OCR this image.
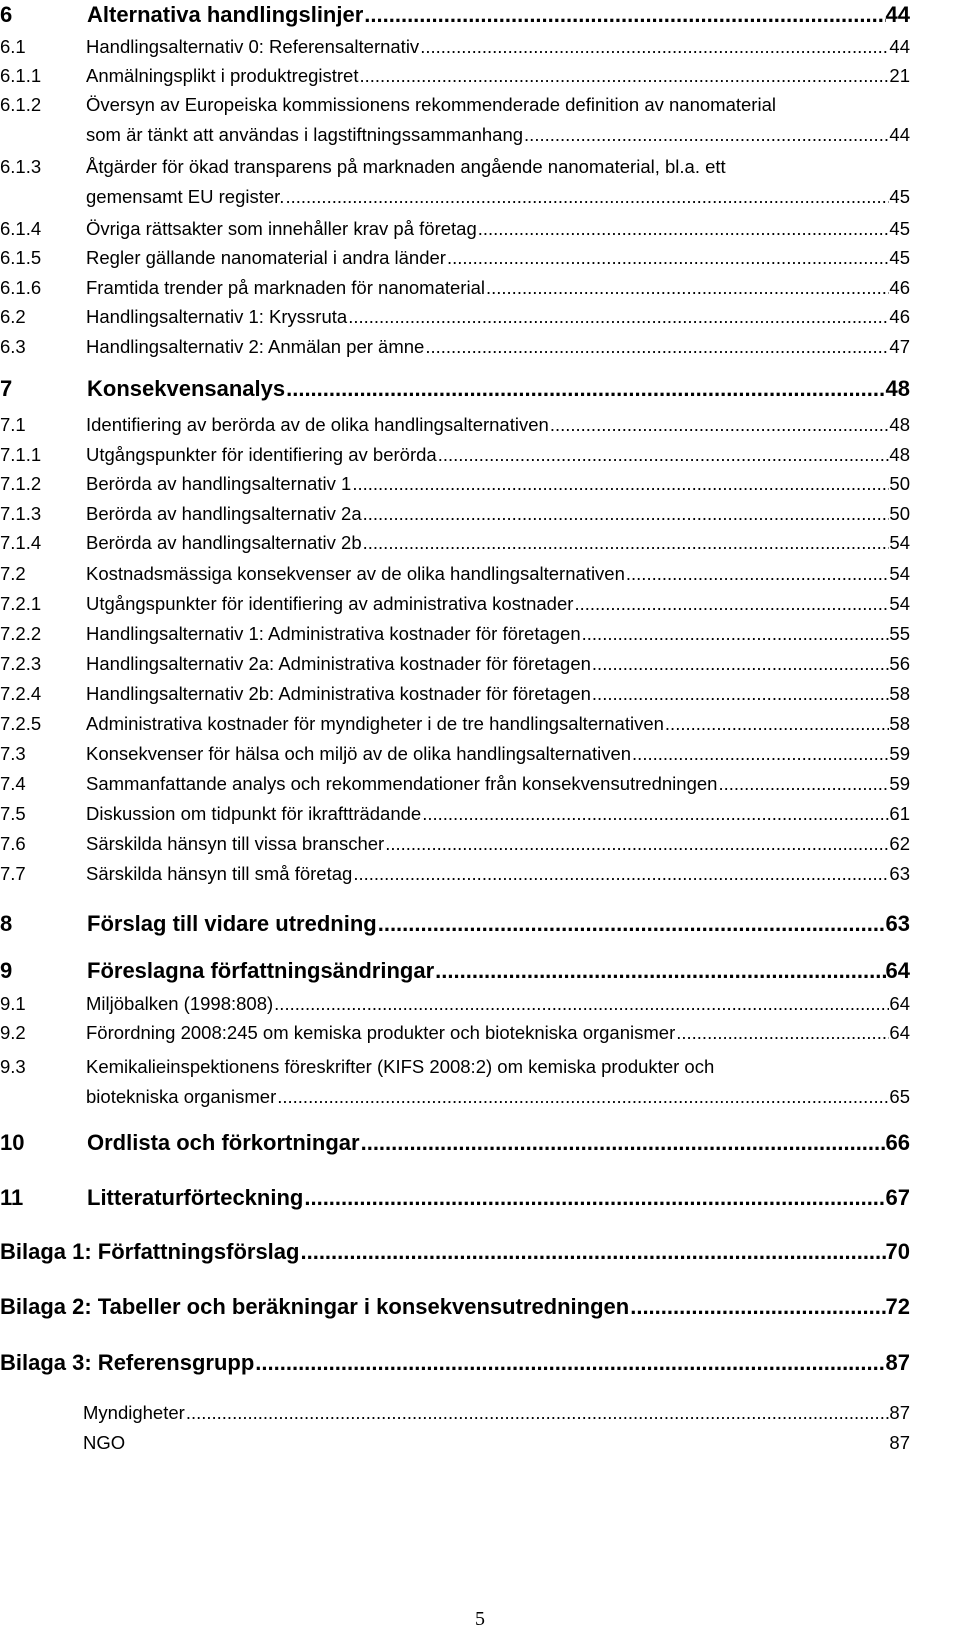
6	Alternativa handlingslinjer .....	44
6.1	Handlingsalternativ 0: Referensalternativ .....	44
6.1.1 Anmälningsplikt i produktregistret .....	21
6.1.2 Översyn av Europeiska kommissionens rekommenderade definition av nanomaterial
som är tänkt att användas i lagstiftningssammanhang .....	44
6.1.3 Åtgärder för ökad transparens på marknaden angående nanomaterial, bl.a. ett
gemensamt EU register. .....	45
6.1.4 Övriga rättsakter som innehåller krav på företag .....	45
6.1.5 Regler gällande nanomaterial i andra länder .....	45
6.1.6 Framtida trender på marknaden för nanomaterial .....	46
6.2	Handlingsalternativ 1: Kryssruta .....	46
6.3	Handlingsalternativ 2: Anmälan per ämne .....	47
7	Konsekvensanalys .....	48
7.1	Identifiering av berörda av de olika handlingsalternativen .....	48
7.1.1 Utgångspunkter för identifiering av berörda .....	48
7.1.2 Berörda av handlingsalternativ 1 .....	50
7.1.3 Berörda av handlingsalternativ 2a .....	50
7.1.4 Berörda av handlingsalternativ 2b .....	54
7.2	Kostnadsmässiga konsekvenser av de olika handlingsalternativen .....	54
7.2.1 Utgångspunkter för identifiering av administrativa kostnader .....	54
7.2.2 Handlingsalternativ 1: Administrativa kostnader för företagen .....	55
7.2.3 Handlingsalternativ 2a: Administrativa kostnader för företagen .....	56
7.2.4 Handlingsalternativ 2b: Administrativa kostnader för företagen .....	58
7.2.5 Administrativa kostnader för myndigheter i de tre handlingsalternativen .....	58
7.3	Konsekvenser för hälsa och miljö av de olika handlingsalternativen .....	59
7.4	Sammanfattande analys och rekommendationer från konsekvensutredningen .....	59
7.5	Diskussion om tidpunkt för ikraftträdande .....	61
7.6	Särskilda hänsyn till vissa branscher .....	62
7.7	Särskilda hänsyn till små företag .....	63
8	Förslag till vidare utredning .....	63
9	Föreslagna författningsändringar .....	64
9.1	Miljöbalken (1998:808) .....	64
9.2	Förordning 2008:245 om kemiska produkter och biotekniska organismer .....	64
9.3	Kemikalieinspektionens föreskrifter (KIFS 2008:2) om kemiska produkter och
biotekniska organismer .....	65
10	Ordlista och förkortningar .....	66
11	Litteraturförteckning .....	67
Bilaga 1: Författningsförslag .....	70
Bilaga 2: Tabeller och beräkningar i konsekvensutredningen .....	72
Bilaga 3: Referensgrupp .....	87
Myndigheter .....	87
NGO	87
5
